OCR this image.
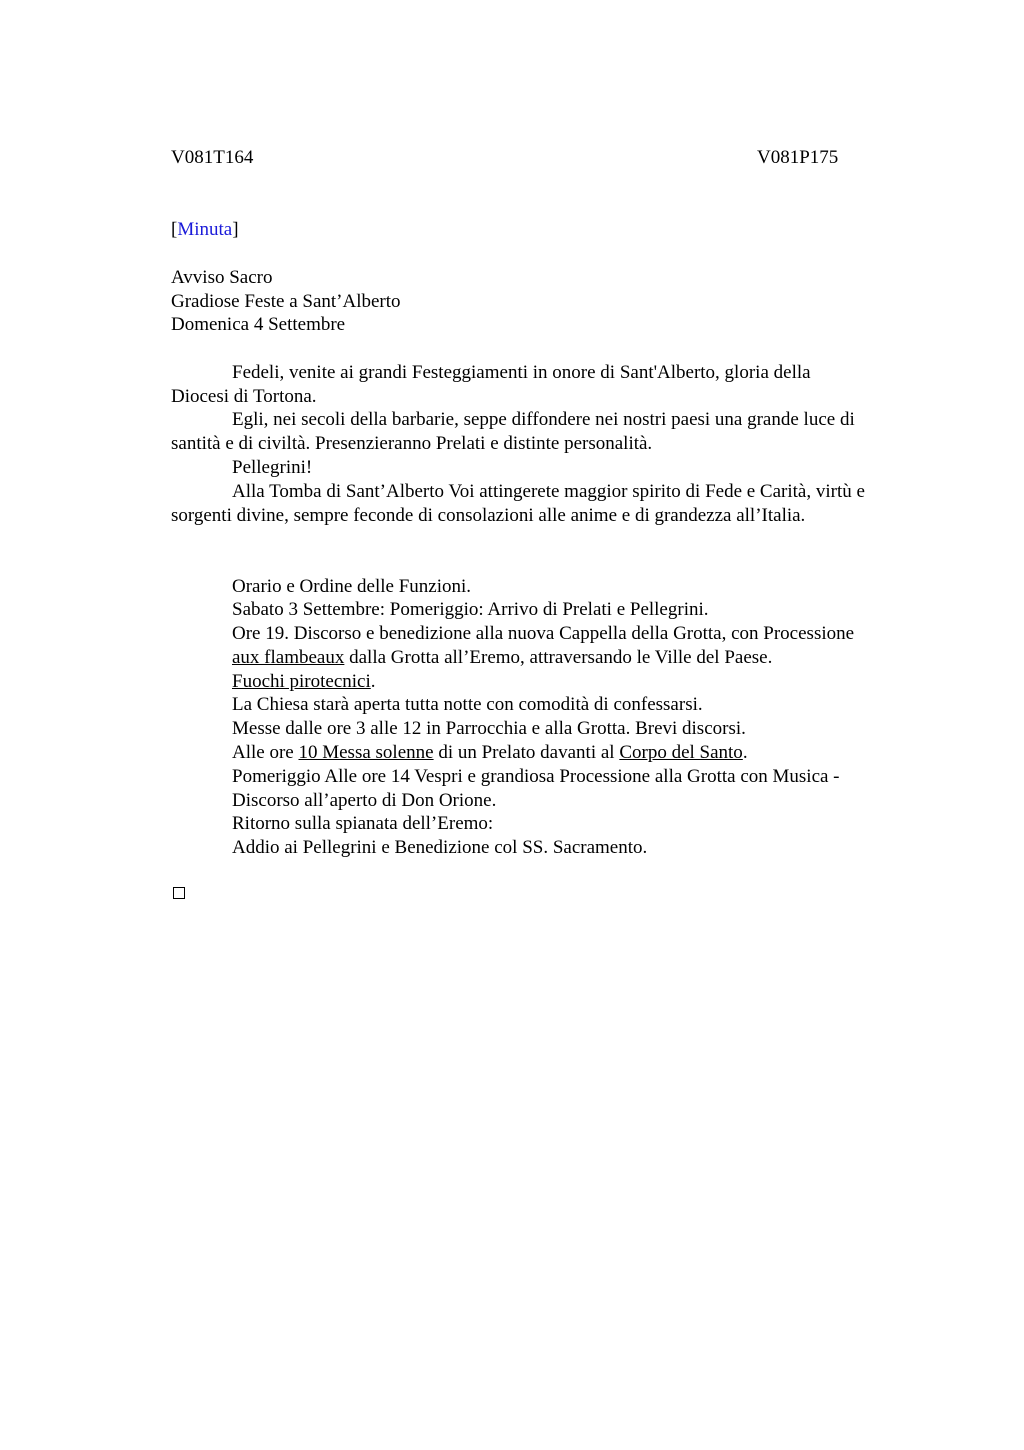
V081T164	V081P175
[Minuta]
Avviso Sacro
Gradiose Feste a Sant’Alberto
Domenica 4 Settembre
Fedeli, venite ai grandi Festeggiamenti in onore di Sant'Alberto, gloria della
Diocesi di Tortona.
Egli, nei secoli della barbarie, seppe diffondere nei nostri paesi una grande luce di
santità e di civiltà. Presenzieranno Prelati e distinte personalità.
Pellegrini!
Alla Tomba di Sant’Alberto Voi attingerete maggior spirito di Fede e Carità, virtù e
sorgenti divine, sempre feconde di consolazioni alle anime e di grandezza all’Italia.
Orario e Ordine delle Funzioni.
Sabato 3 Settembre: Pomeriggio: Arrivo di Prelati e Pellegrini.
Ore 19. Discorso e benedizione alla nuova Cappella della Grotta, con Processione
aux flambeaux dalla Grotta all’Eremo, attraversando le Ville del Paese.
Fuochi pirotecnici.
La Chiesa starà aperta tutta notte con comodità di confessarsi.
Messe dalle ore 3 alle 12 in Parrocchia e alla Grotta. Brevi discorsi.
Alle ore 10 Messa solenne di un Prelato davanti al Corpo del Santo.
Pomeriggio Alle ore 14 Vespri e grandiosa Processione alla Grotta con Musica -
Discorso all’aperto di Don Orione.
Ritorno sulla spianata dell’Eremo:
Addio ai Pellegrini e Benedizione col SS. Sacramento.
